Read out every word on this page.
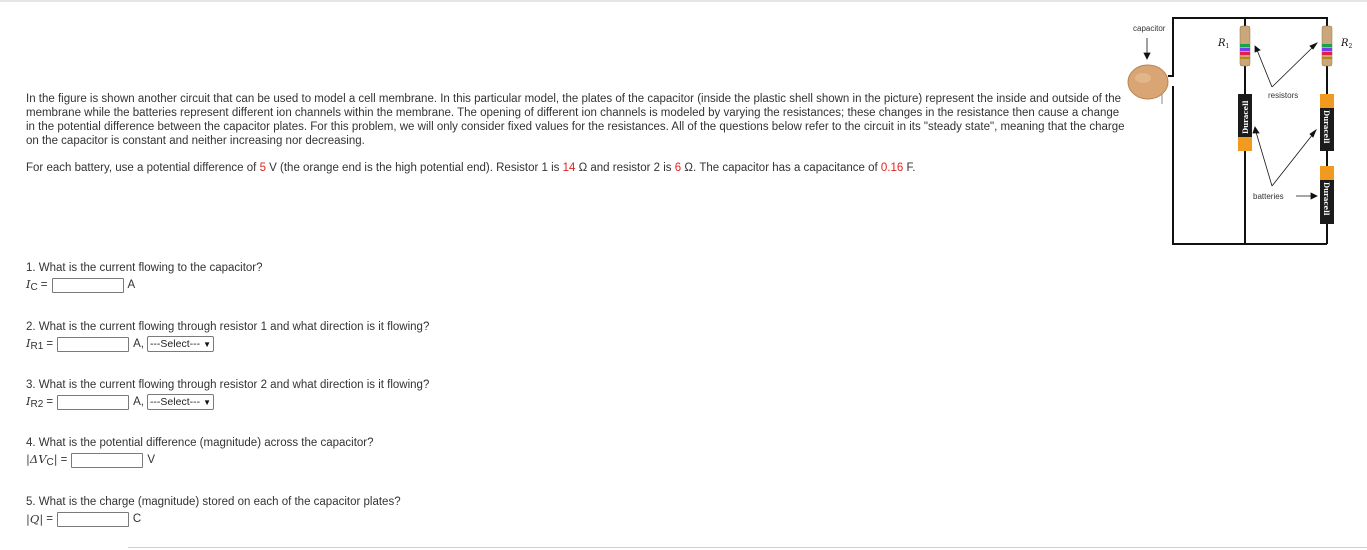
In the figure is shown another circuit that can be used to model a cell membrane. In this particular model, the plates of the capacitor (inside the plastic shell shown in the picture) represent the inside and outside of the membrane while the batteries represent different ion channels within the membrane. The opening of different ion channels is modeled by varying the resistances; these changes in the resistance then cause a change in the potential difference between the capacitor plates. For this problem, we will only consider fixed values for the resistances. All of the questions below refer to the circuit in its "steady state", meaning that the charge on the capacitor is constant and neither increasing nor decreasing.

For each battery, use a potential difference of 5 V (the orange end is the high potential end). Resistor 1 is 14 Ω and resistor 2 is 6 Ω. The capacitor has a capacitance of 0.16 F.

1. What is the current flowing to the capacitor?
$I_C$ =	A
2. What is the current flowing through resistor 1 and what direction is it flowing?
$I_{R1}$ =	A, ---Select--- ▼
3. What is the current flowing through resistor 2 and what direction is it flowing?
$I_{R2}$ =	A, ---Select--- ▼
4. What is the potential difference (magnitude) across the capacitor?
$|\Delta V_C|$ =	V
5. What is the charge (magnitude) stored on each of the capacitor plates?
|Q| =	C
Duracell	Duracell
Duracell
capacitor
resistors
batteries
$R_1$	$R_2$
